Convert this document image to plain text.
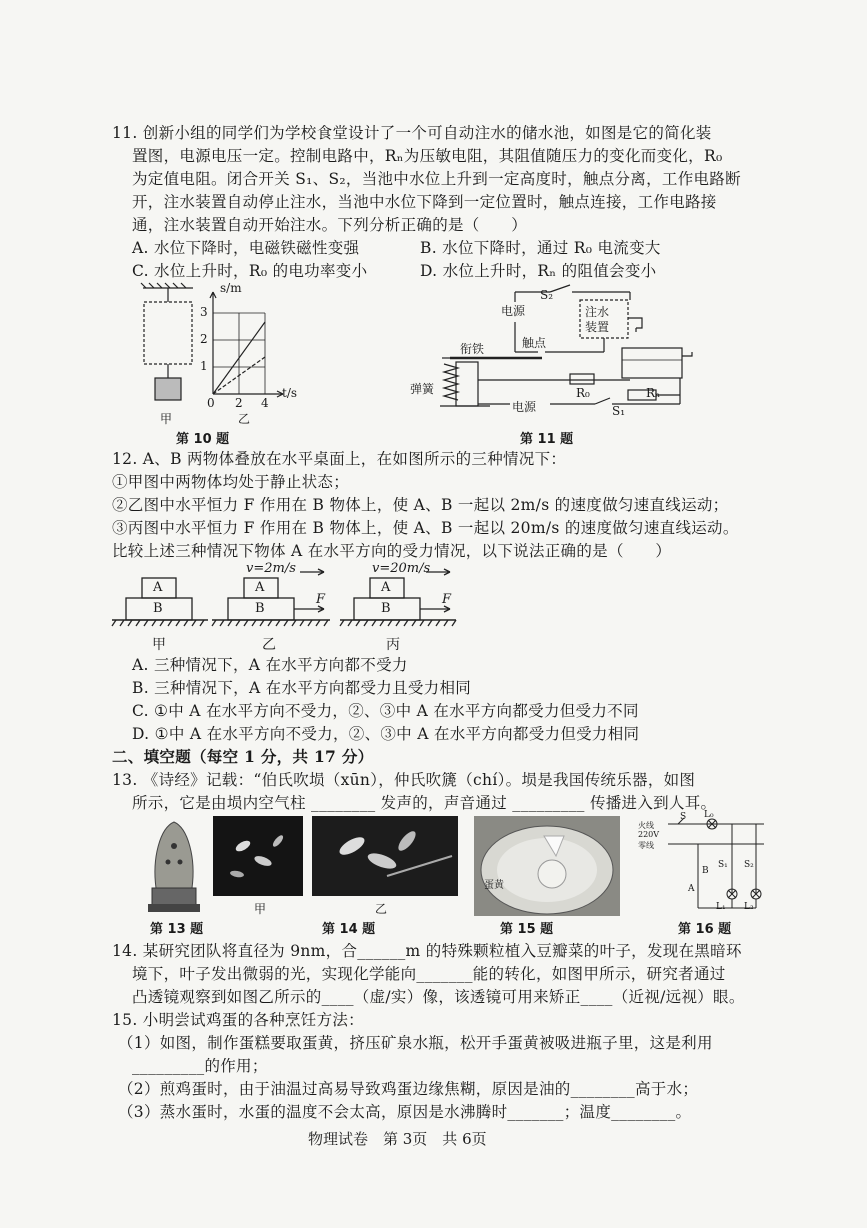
11. 创新小组的同学们为学校食堂设计了一个可自动注水的储水池，如图是它的简化装
置图，电源电压一定。控制电路中，Rₙ为压敏电阻，其阻值随压力的变化而变化，R₀
为定值电阻。闭合开关 S₁、S₂，当池中水位上升到一定高度时，触点分离，工作电路断
开，注水装置自动停止注水，当池中水位下降到一定位置时，触点连接，工作电路接
通，注水装置自动开始注水。下列分析正确的是（　　）
A. 水位下降时，电磁铁磁性变强	B. 水位下降时，通过 R₀ 电流变大
C. 水位上升时，R₀ 的电功率变小	D. 水位上升时，Rₙ 的阻值会变小
s/m
t/s
3
2
1
0 2 4
甲	乙
第 10 题
S₂
电源	注水
装置
衔铁	触点
弹簧	R₀	Rₙ
电源	S₁
第 11 题
12. A、B 两物体叠放在水平桌面上，在如图所示的三种情况下：
①甲图中两物体均处于静止状态；
②乙图中水平恒力 F 作用在 B 物体上，使 A、B 一起以 2m/s 的速度做匀速直线运动；
③丙图中水平恒力 F 作用在 B 物体上，使 A、B 一起以 20m/s 的速度做匀速直线运动。
比较上述三种情况下物体 A 在水平方向的受力情况，以下说法正确的是（　　）
A
B
A
B
A
B
F	F
v=2m/s	v=20m/s
甲	乙	丙
A. 三种情况下，A 在水平方向都不受力
B. 三种情况下，A 在水平方向都受力且受力相同
C. ①中 A 在水平方向不受力，②、③中 A 在水平方向都受力但受力不同
D. ①中 A 在水平方向不受力，②、③中 A 在水平方向都受力但受力相同
二、填空题（每空 1 分，共 17 分）
13. 《诗经》记载：“伯氏吹埙（xūn），仲氏吹篪（chí）。埙是我国传统乐器，如图
所示，它是由埙内空气柱 ________ 发声的，声音通过 _________ 传播进入到人耳。
甲	乙
蛋黄
火线
220V
零线
S L₀
S₁ S₂
L₁ L₂
A
B
第 13 题	第 14 题	第 15 题	第 16 题
14. 某研究团队将直径为 9nm，合______m 的特殊颗粒植入豆瓣菜的叶子，发现在黑暗环
境下，叶子发出微弱的光，实现化学能向_______能的转化，如图甲所示，研究者通过
凸透镜观察到如图乙所示的____（虚/实）像，该透镜可用来矫正____（近视/远视）眼。
15. 小明尝试鸡蛋的各种烹饪方法：
（1）如图，制作蛋糕要取蛋黄，挤压矿泉水瓶，松开手蛋黄被吸进瓶子里，这是利用
_________的作用；
（2）煎鸡蛋时，由于油温过高易导致鸡蛋边缘焦糊，原因是油的________高于水；
（3）蒸水蛋时，水蛋的温度不会太高，原因是水沸腾时_______；温度________。
物理试卷　第 3页　共 6页
